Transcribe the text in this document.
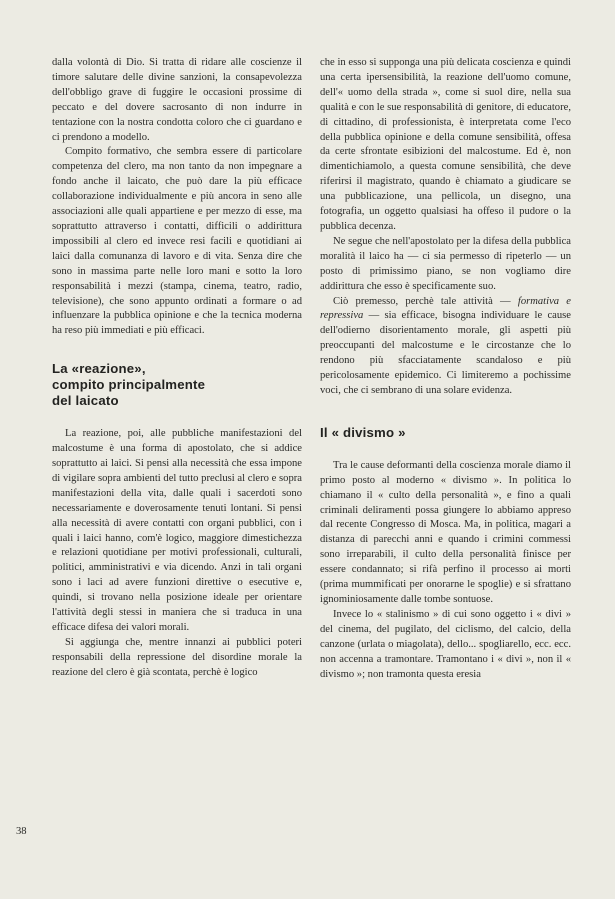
dalla volontà di Dio. Si tratta di ridare alle coscienze il timore salutare delle divine sanzioni, la consapevolezza dell'obbligo grave di fuggire le occasioni prossime di peccato e del dovere sacrosanto di non indurre in tentazione con la nostra condotta coloro che ci guardano e ci prendono a modello.

Compito formativo, che sembra essere di particolare competenza del clero, ma non tanto da non impegnare a fondo anche il laicato, che può dare la più efficace collaborazione individualmente e più ancora in seno alle associazioni alle quali appartiene e per mezzo di esse, ma soprattutto attraverso i contatti, difficili o addirittura impossibili al clero ed invece resi facili e quotidiani ai laici dalla comunanza di lavoro e di vita. Senza dire che sono in massima parte nelle loro mani e sotto la loro responsabilità i mezzi (stampa, cinema, teatro, radio, televisione), che sono appunto ordinati a formare o ad influenzare la pubblica opinione e che la tecnica moderna ha reso più immediati e più efficaci.

La «reazione»,
compito principalmente
del laicato

La reazione, poi, alle pubbliche manifestazioni del malcostume è una forma di apostolato, che si addice soprattutto ai laici. Si pensi alla necessità che essa impone di vigilare sopra ambienti del tutto preclusi al clero e sopra manifestazioni della vita, dalle quali i sacerdoti sono necessariamente e doverosamente tenuti lontani. Si pensi alla necessità di avere contatti con organi pubblici, con i quali i laici hanno, com'è logico, maggiore dimestichezza e relazioni quotidiane per motivi professionali, culturali, politici, amministrativi e via dicendo. Anzi in tali organi sono i laci ad avere funzioni direttive o esecutive e, quindi, si trovano nella posizione ideale per orientare l'attività degli stessi in maniera che si traduca in una efficace difesa dei valori morali.

Si aggiunga che, mentre innanzi ai pubblici poteri responsabili della repressione del disordine morale la reazione del clero è già scontata, perchè è logico

che in esso si supponga una più delicata coscienza e quindi una certa ipersensibilità, la reazione dell'uomo comune, dell'« uomo della strada », come si suol dire, nella sua qualità e con le sue responsabilità di genitore, di educatore, di cittadino, di professionista, è interpretata come l'eco della pubblica opinione e della comune sensibilità, offesa da certe sfrontate esibizioni del malcostume. Ed è, non dimentichiamolo, a questa comune sensibilità, che deve riferirsi il magistrato, quando è chiamato a giudicare se una pubblicazione, una pellicola, un disegno, una fotografia, un oggetto qualsiasi ha offeso il pudore o la pubblica decenza.

Ne segue che nell'apostolato per la difesa della pubblica moralità il laico ha — ci sia permesso di ripeterlo — un posto di primissimo piano, se non vogliamo dire addirittura che esso è specificamente suo.

Ciò premesso, perchè tale attività — formativa e repressiva — sia efficace, bisogna individuare le cause dell'odierno disorientamento morale, gli aspetti più preoccupanti del malcostume e le circostanze che lo rendono più sfacciatamente scandaloso e più pericolosamente epidemico. Ci limiteremo a pochissime voci, che ci sembrano di una solare evidenza.

Il « divismo »

Tra le cause deformanti della coscienza morale diamo il primo posto al moderno « divismo ». In politica lo chiamano il « culto della personalità », e fino a quali criminali deliramenti possa giungere lo abbiamo appreso dal recente Congresso di Mosca. Ma, in politica, magari a distanza di parecchi anni e quando i crimini commessi sono irreparabili, il culto della personalità finisce per essere condannato; si rifà perfino il processo ai morti (prima mummificati per onorarne le spoglie) e si sfrattano ignominiosamente dalle tombe sontuose.

Invece lo « stalinismo » di cui sono oggetto i « divi » del cinema, del pugilato, del ciclismo, del calcio, della canzone (urlata o miagolata), dello... spogliarello, ecc. ecc. non accenna a tramontare. Tramontano i « divi », non il « divismo »; non tramonta questa eresia

38
